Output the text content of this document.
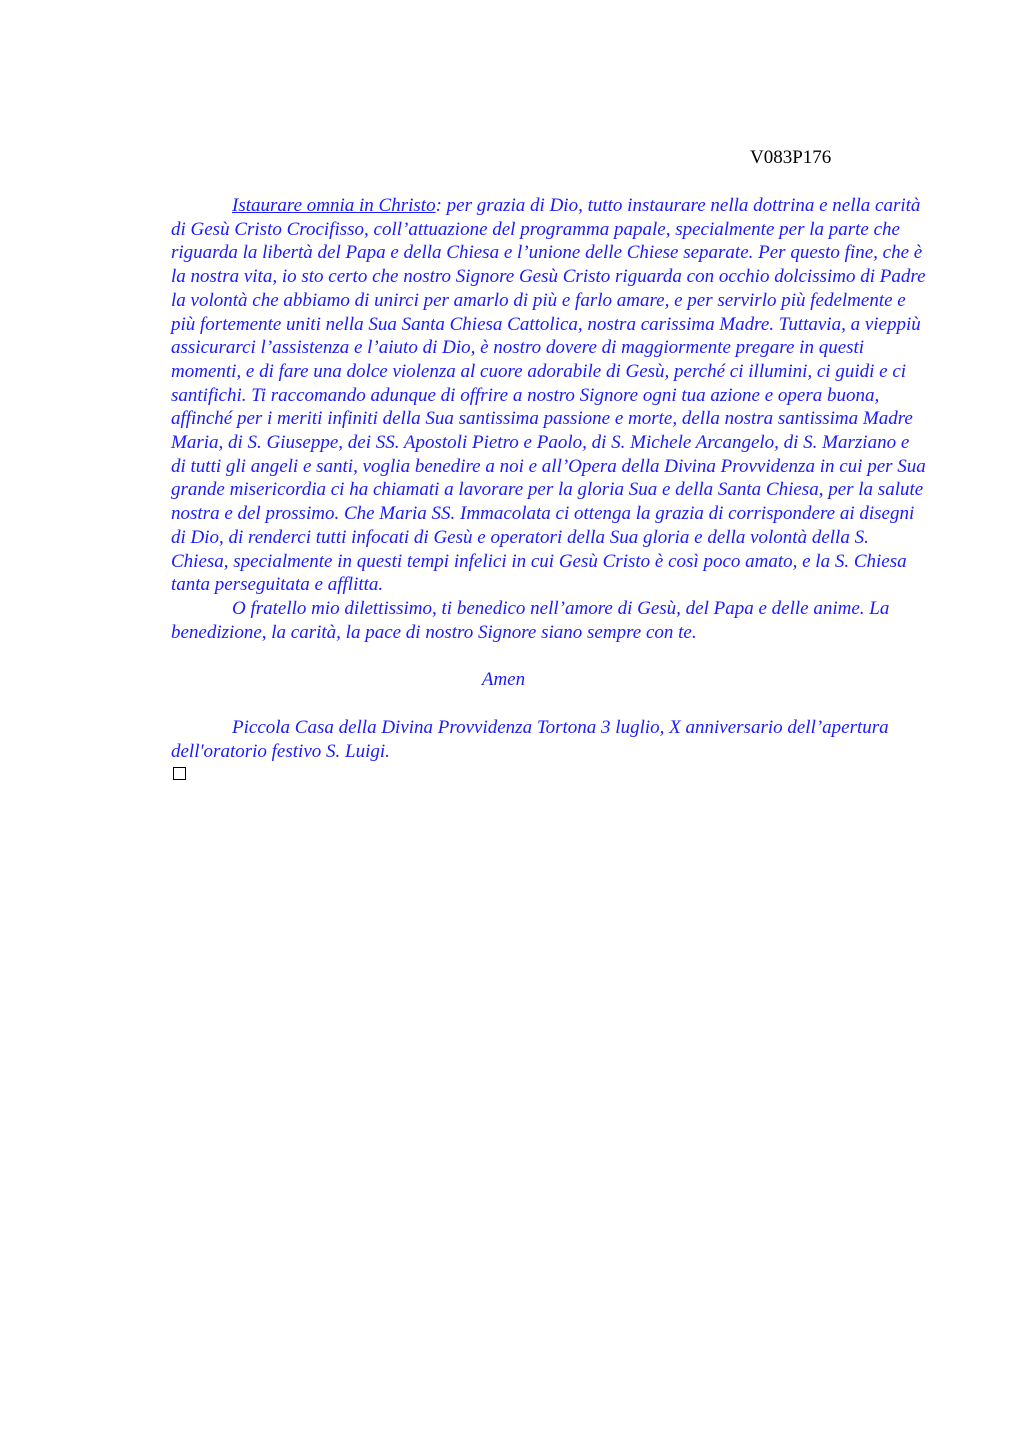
V083P176

Istaurare omnia in Christo: per grazia di Dio, tutto instaurare nella dottrina e nella carità di Gesù Cristo Crocifisso, coll’attuazione del programma papale, specialmente per la parte che riguarda la libertà del Papa e della Chiesa e l’unione delle Chiese separate. Per questo fine, che è la nostra vita, io sto certo che nostro Signore Gesù Cristo riguarda con occhio dolcissimo di Padre la volontà che abbiamo di unirci per amarlo di più e farlo amare, e per servirlo più fedelmente e più fortemente uniti nella Sua Santa Chiesa Cattolica, nostra carissima Madre. Tuttavia, a vieppiù assicurarci l’assistenza e l’aiuto di Dio, è nostro dovere di maggiormente pregare in questi momenti, e di fare una dolce violenza al cuore adorabile di Gesù, perché ci illumini, ci guidi e ci santifichi. Ti raccomando adunque di offrire a nostro Signore ogni tua azione e opera buona, affinché per i meriti infiniti della Sua santissima passione e morte, della nostra santissima Madre Maria, di S. Giuseppe, dei SS. Apostoli Pietro e Paolo, di S. Michele Arcangelo, di S. Marziano e di tutti gli angeli e santi, voglia benedire a noi e all’Opera della Divina Provvidenza in cui per Sua grande misericordia ci ha chiamati a lavorare per la gloria Sua e della Santa Chiesa, per la salute nostra e del prossimo. Che Maria SS. Immacolata ci ottenga la grazia di corrispondere ai disegni di Dio, di renderci tutti infocati di Gesù e operatori della Sua gloria e della volontà della S. Chiesa, specialmente in questi tempi infelici in cui Gesù Cristo è così poco amato, e la S. Chiesa tanta perseguitata e afflitta.

O fratello mio dilettissimo, ti benedico nell’amore di Gesù, del Papa e delle anime. La benedizione, la carità, la pace di nostro Signore siano sempre con te.

Amen

Piccola Casa della Divina Provvidenza Tortona 3 luglio, X anniversario dell’apertura dell'oratorio festivo S. Luigi.
